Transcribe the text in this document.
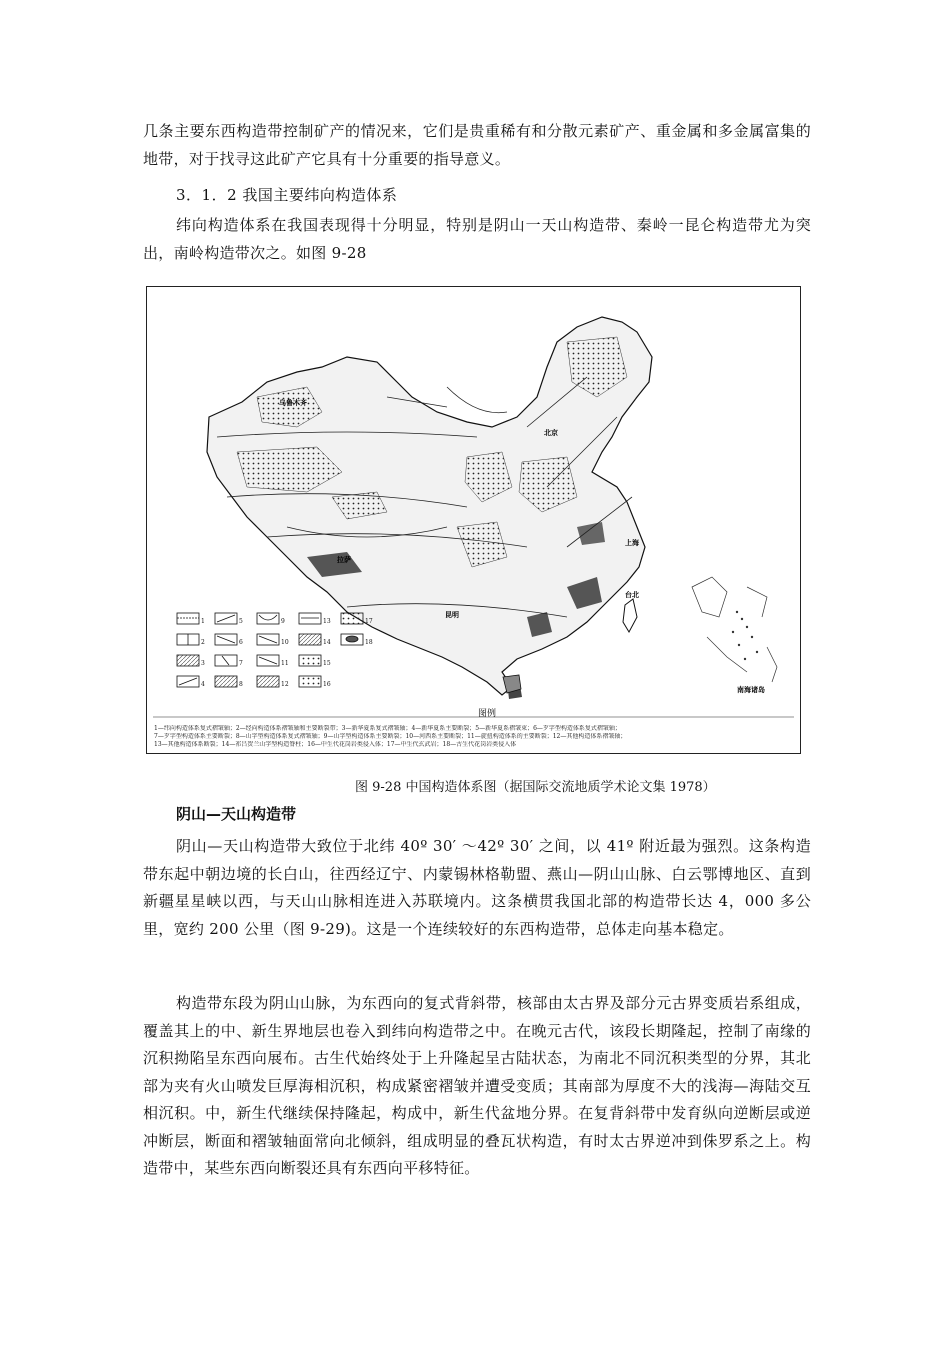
几条主要东西构造带控制矿产的情况来，它们是贵重稀有和分散元素矿产、重金属和多金属富集的地带，对于找寻这此矿产它具有十分重要的指导意义。

3．1．2 我国主要纬向构造体系

纬向构造体系在我国表现得十分明显，特别是阴山一天山构造带、秦岭一昆仑构造带尤为突出，南岭构造带次之。如图 9-28

乌鲁木齐
北京
上海
拉萨
昆明
台北
南海诸岛
1
2
3
4
5
6
7
8
9
10
11
12
13
14
15
16
17
18
图例
1—纬向构造体系复式褶皱轴；2—经向构造体系褶皱轴和主要断裂带；3—新华夏系复式褶皱轴；4—新华夏系主要断裂；5—新华夏系褶皱束；6—歹字型构造体系复式褶皱轴；
7—歹字型构造体系主要断裂；8—山字型构造体系复式褶皱轴；9—山字型构造体系主要断裂；10—河西系主要断裂；11—旋扭构造体系的主要断裂；12—其他构造体系褶皱轴；
13—其他构造体系断裂；14—祁吕贺兰山字型构造脊柱；16—中生代花岗岩类侵入体；17—中生代玄武岩；18—古生代花岗岩类侵入体

图 9-28 中国构造体系图（据国际交流地质学术论文集 1978）

阴山—天山构造带

阴山—天山构造带大致位于北纬 40º 30′ ～42º 30′ 之间，以 41º 附近最为强烈。这条构造带东起中朝边境的长白山，往西经辽宁、内蒙锡林格勒盟、燕山—阴山山脉、白云鄂博地区、直到新疆星星峡以西，与天山山脉相连进入苏联境内。这条横贯我国北部的构造带长达 4，000 多公里，宽约 200 公里（图 9-29)。这是一个连续较好的东西构造带，总体走向基本稳定。

构造带东段为阴山山脉，为东西向的复式背斜带，核部由太古界及部分元古界变质岩系组成，覆盖其上的中、新生界地层也卷入到纬向构造带之中。在晚元古代，该段长期隆起，控制了南缘的沉积拗陷呈东西向展布。古生代始终处于上升隆起呈古陆状态，为南北不同沉积类型的分界，其北部为夹有火山喷发巨厚海相沉积，构成紧密褶皱并遭受变质；其南部为厚度不大的浅海—海陆交互相沉积。中，新生代继续保持隆起，构成中，新生代盆地分界。在复背斜带中发育纵向逆断层或逆冲断层，断面和褶皱轴面常向北倾斜，组成明显的叠瓦状构造，有时太古界逆冲到侏罗系之上。构造带中，某些东西向断裂还具有东西向平移特征。
